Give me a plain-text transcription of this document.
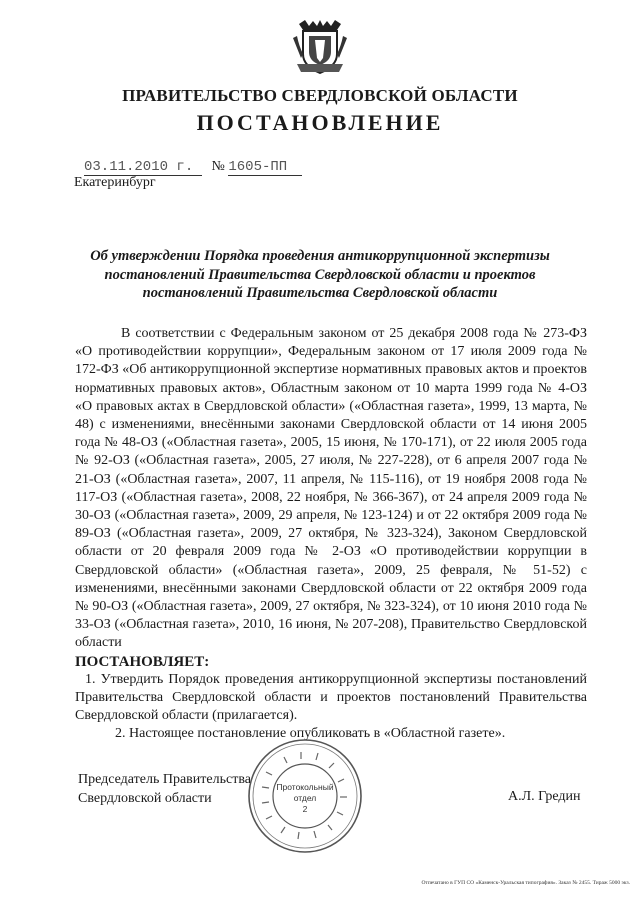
ПРАВИТЕЛЬСТВО СВЕРДЛОВСКОЙ ОБЛАСТИ
ПОСТАНОВЛЕНИЕ
03.11.2010 г. № 1605-ПП
Екатеринбург
Об утверждении Порядка проведения антикоррупционной экспертизы
постановлений Правительства Свердловской области и проектов
постановлений Правительства Свердловской области

В соответствии с Федеральным законом от 25 декабря 2008 года № 273-ФЗ «О противодействии коррупции», Федеральным законом от 17 июля 2009 года № 172-ФЗ «Об антикоррупционной экспертизе нормативных правовых актов и проектов нормативных правовых актов», Областным законом от 10 марта 1999 года № 4-ОЗ «О правовых актах в Свердловской области» («Областная газета», 1999, 13 марта, № 48) с изменениями, внесёнными законами Свердловской области от 14 июня 2005 года № 48-ОЗ («Областная газета», 2005, 15 июня, № 170-171), от 22 июля 2005 года № 92-ОЗ («Областная газета», 2005, 27 июля, № 227-228), от 6 апреля 2007 года № 21-ОЗ («Областная газета», 2007, 11 апреля, № 115-116), от 19 ноября 2008 года № 117-ОЗ («Областная газета», 2008, 22 ноября, № 366-367), от 24 апреля 2009 года № 30-ОЗ («Областная газета», 2009, 29 апреля, № 123-124) и от 22 октября 2009 года № 89-ОЗ («Областная газета», 2009, 27 октября, № 323-324), Законом Свердловской области от 20 февраля 2009 года № 2-ОЗ «О противодействии коррупции в Свердловской области» («Областная газета», 2009, 25 февраля, № 51-52) с изменениями, внесёнными законами Свердловской области от 22 октября 2009 года № 90-ОЗ («Областная газета», 2009, 27 октября, № 323-324), от 10 июня 2010 года № 33-ОЗ («Областная газета», 2010, 16 июня, № 207-208), Правительство Свердловской области

ПОСТАНОВЛЯЕТ:

1. Утвердить Порядок проведения антикоррупционной экспертизы постановлений Правительства Свердловской области и проектов постановлений Правительства Свердловской области (прилагается).

2. Настоящее постановление опубликовать в «Областной газете».

Председатель Правительства
Свердловской области	А.Л. Гредин
Протокольный
отдел
2
Отпечатано в ГУП СО «Каменск-Уральская типография». Заказ № 2455. Тираж 5000 экз.
